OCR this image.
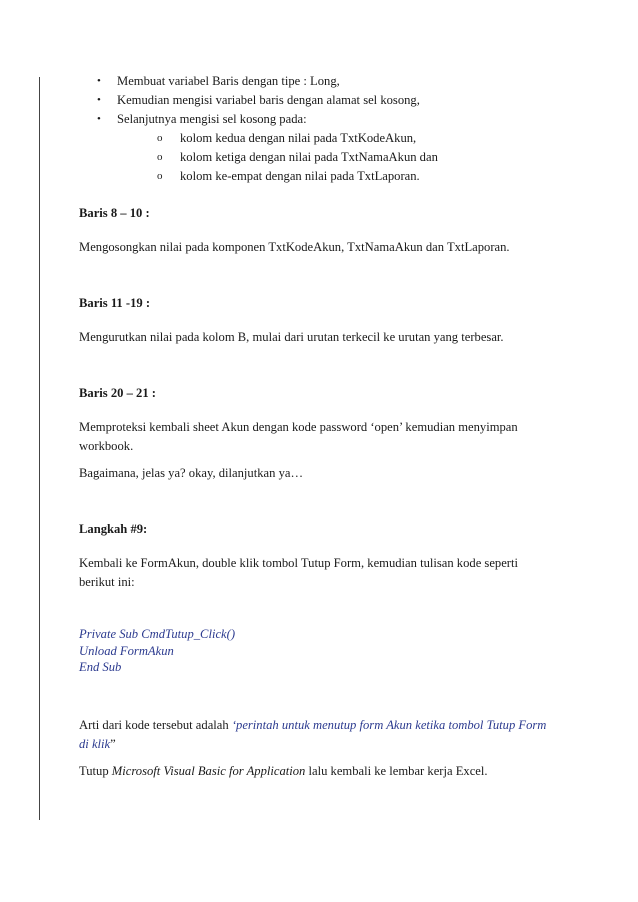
• Membuat variabel Baris dengan tipe : Long,
• Kemudian mengisi variabel baris dengan alamat sel kosong,
• Selanjutnya mengisi sel kosong pada:
o kolom kedua dengan nilai pada TxtKodeAkun,
o kolom ketiga dengan nilai pada TxtNamaAkun dan
o kolom ke-empat dengan nilai pada TxtLaporan.
Baris 8 – 10 :
Mengosongkan nilai pada komponen TxtKodeAkun, TxtNamaAkun dan TxtLaporan.
Baris 11 -19 :
Mengurutkan nilai pada kolom B, mulai dari urutan terkecil ke urutan yang terbesar.
Baris 20 – 21 :
Memproteksi kembali sheet Akun dengan kode password ‘open’ kemudian menyimpan workbook.
Bagaimana, jelas ya? okay, dilanjutkan ya…
Langkah #9:
Kembali ke FormAkun, double klik tombol Tutup Form, kemudian tulisan kode seperti berikut ini:
Private Sub CmdTutup_Click()
Unload FormAkun
End Sub
Arti dari kode tersebut adalah ‘perintah untuk menutup form Akun ketika tombol Tutup Form di klik”
Tutup Microsoft Visual Basic for Application lalu kembali ke lembar kerja Excel.
